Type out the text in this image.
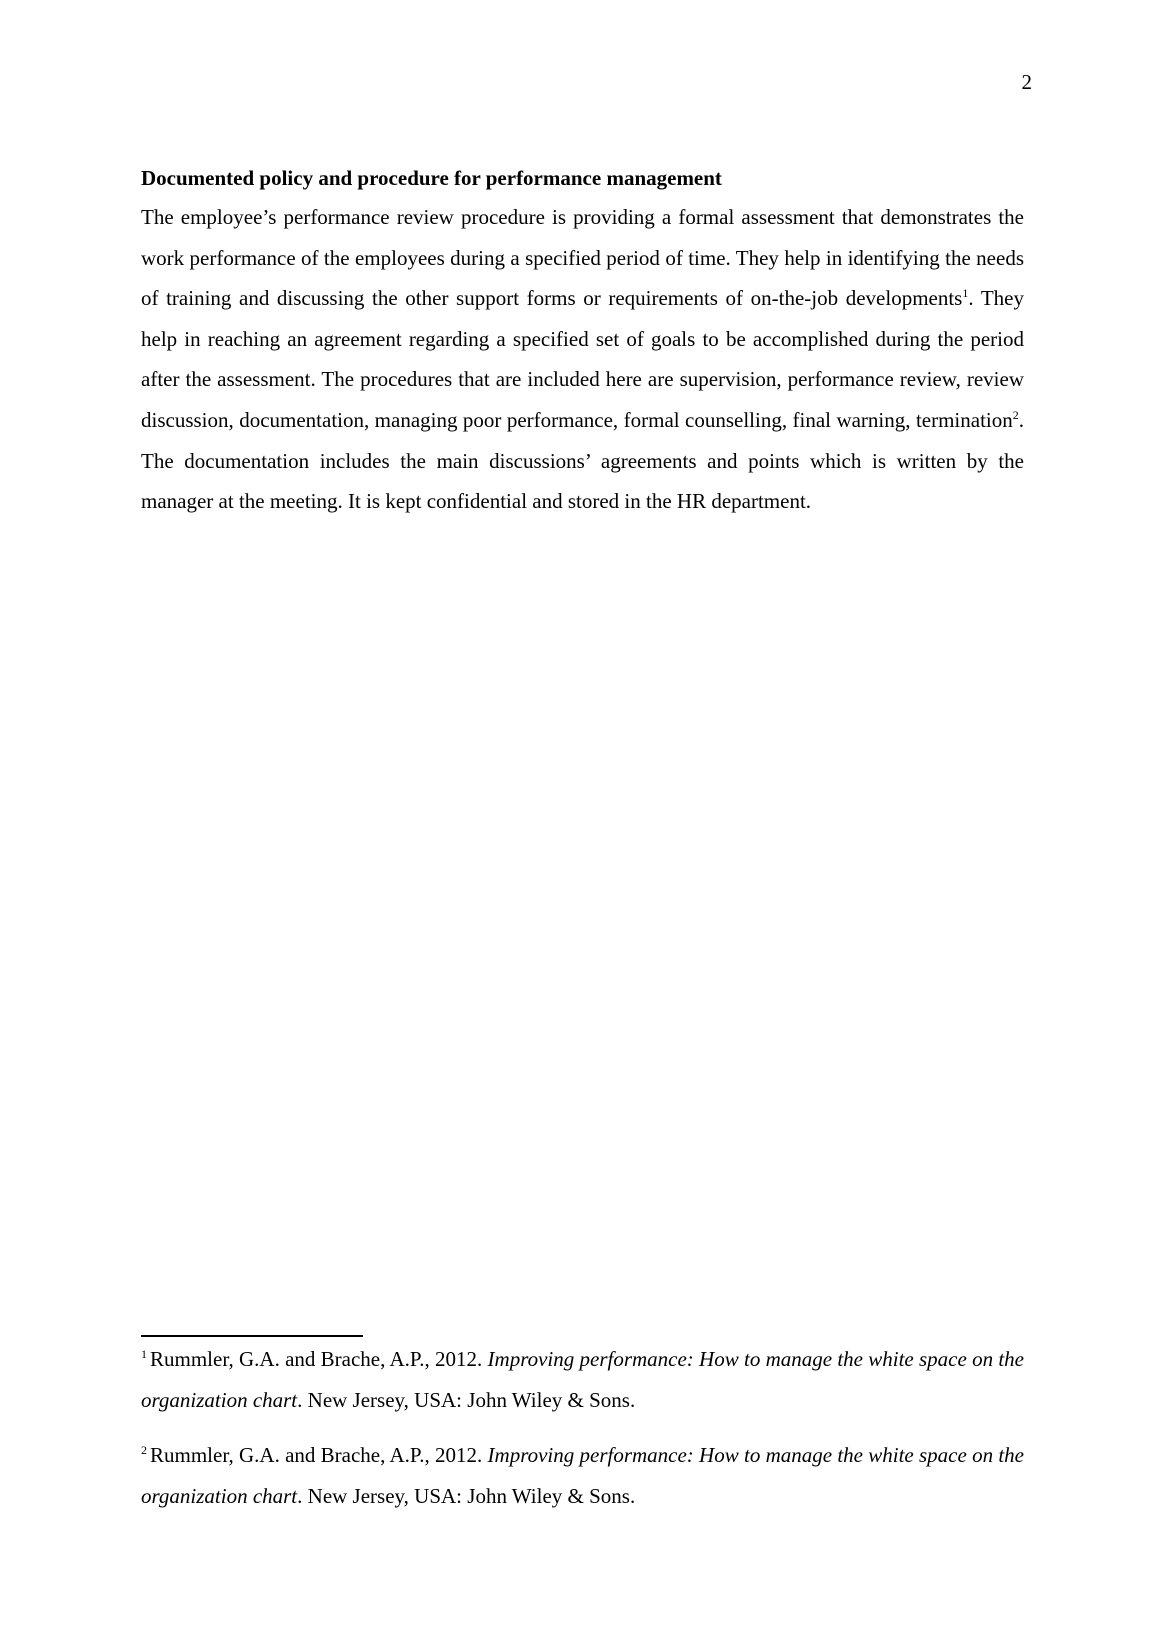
2
Documented policy and procedure for performance management

The employee’s performance review procedure is providing a formal assessment that demonstrates the work performance of the employees during a specified period of time. They help in identifying the needs of training and discussing the other support forms or requirements of on-the-job developments$^1$. They help in reaching an agreement regarding a specified set of goals to be accomplished during the period after the assessment. The procedures that are included here are supervision, performance review, review discussion, documentation, managing poor performance, formal counselling, final warning, termination$^2$. The documentation includes the main discussions’ agreements and points which is written by the manager at the meeting. It is kept confidential and stored in the HR department.

$^1$ Rummler, G.A. and Brache, A.P., 2012. Improving performance: How to manage the white space on the organization chart. New Jersey, USA: John Wiley & Sons.

$^2$ Rummler, G.A. and Brache, A.P., 2012. Improving performance: How to manage the white space on the organization chart. New Jersey, USA: John Wiley & Sons.
